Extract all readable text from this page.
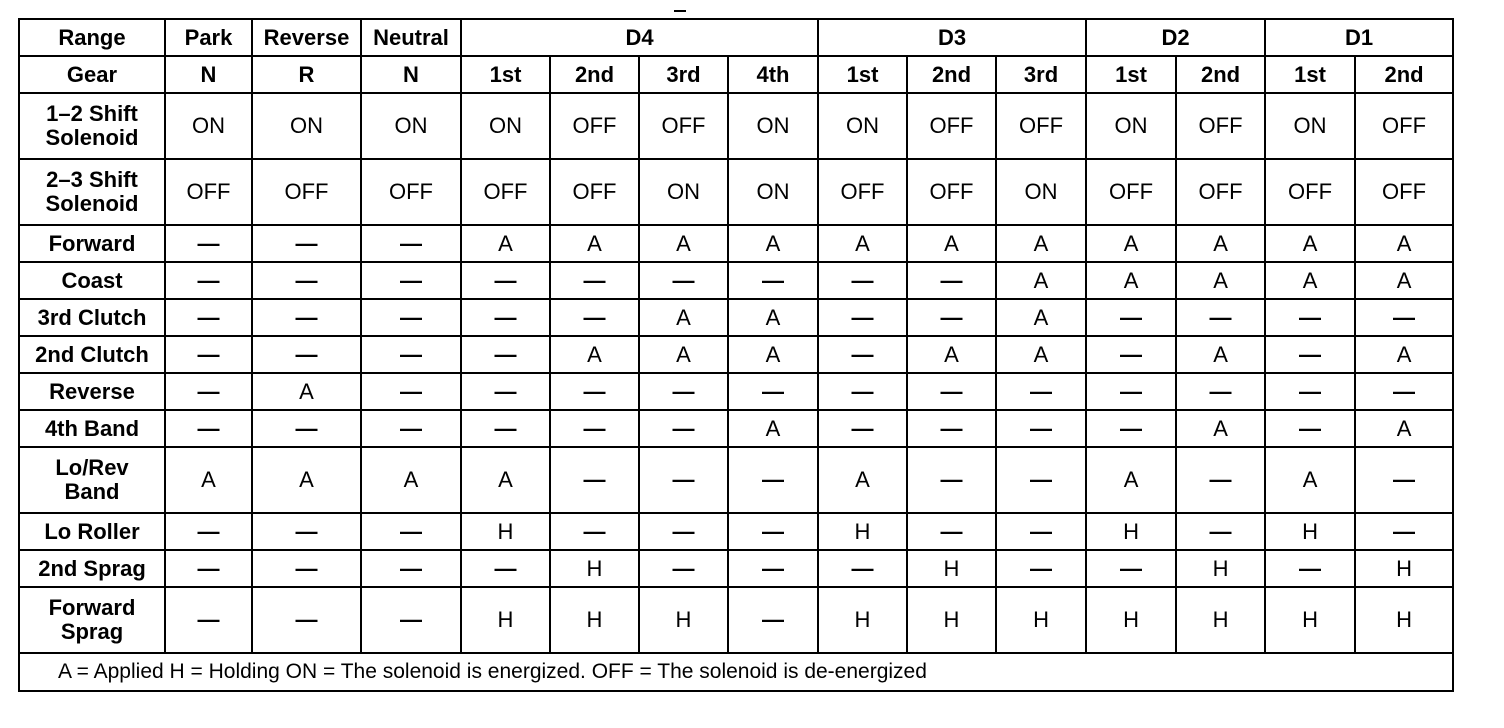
Range	Park	Reverse	Neutral	D4				D3			D2		D1	
Gear	N	R	N	1st	2nd	3rd	4th	1st	2nd	3rd	1st	2nd	1st	2nd
1–2 Shift
Solenoid	ON	ON	ON	ON	OFF	OFF	ON	ON	OFF	OFF	ON	OFF	ON	OFF
2–3 Shift
Solenoid	OFF	OFF	OFF	OFF	OFF	ON	ON	OFF	OFF	ON	OFF	OFF	OFF	OFF
Forward	—	—	—	A	A	A	A	A	A	A	A	A	A	A
Coast	—	—	—	—	—	—	—	—	—	A	A	A	A	A
3rd Clutch	—	—	—	—	—	A	A	—	—	A	—	—	—	—
2nd Clutch	—	—	—	—	A	A	A	—	A	A	—	A	—	A
Reverse	—	A	—	—	—	—	—	—	—	—	—	—	—	—
4th Band	—	—	—	—	—	—	A	—	—	—	—	A	—	A
Lo/Rev
Band	A	A	A	A	—	—	—	A	—	—	A	—	A	—
Lo Roller	—	—	—	H	—	—	—	H	—	—	H	—	H	—
2nd Sprag	—	—	—	—	H	—	—	—	H	—	—	H	—	H
Forward
Sprag	—	—	—	H	H	H	—	H	H	H	H	H	H	H
A = Applied H = Holding ON = The solenoid is energized. OFF = The solenoid is de-energized														
